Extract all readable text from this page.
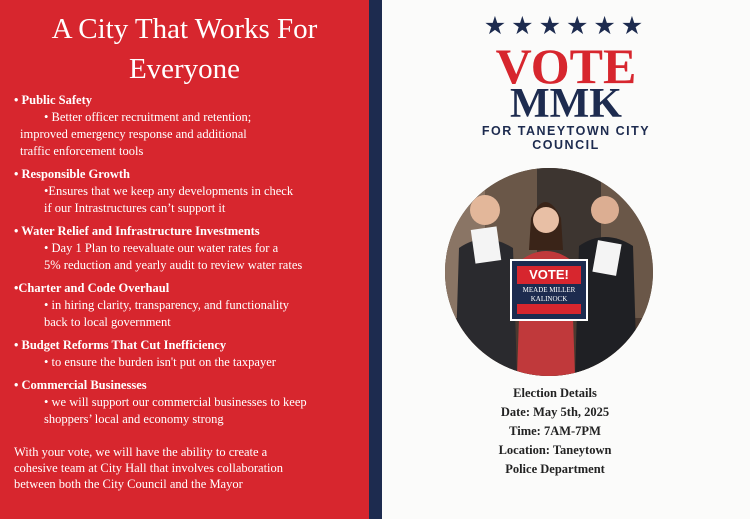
A City That Works For
Everyone
• Public Safety
• Better officer recruitment and retention;
improved emergency response and additional
traffic enforcement tools
• Responsible Growth
•Ensures that we keep any developments in check
if our Intrastructures can’t support it
• Water Relief and Infrastructure Investments
• Day 1 Plan to reevaluate our water rates for a
5% reduction and yearly audit to review water rates
•Charter and Code Overhaul
• in hiring clarity, transparency, and functionality
back to local government
• Budget Reforms That Cut Inefficiency
• to ensure the burden isn't put on the taxpayer
• Commercial Businesses
• we will support our commercial businesses to keep
shoppers’ local and economy strong
With your vote, we will have the ability to create a
cohesive team at City Hall that involves collaboration
between both the City Council and the Mayor
★★★★★★
VOTE
MMK
FOR TANEYTOWN CITY
COUNCIL
VOTE!
MEADE MILLER
KALINOCK
Election Details
Date: May 5th, 2025
Time: 7AM-7PM
Location: Taneytown
Police Department
